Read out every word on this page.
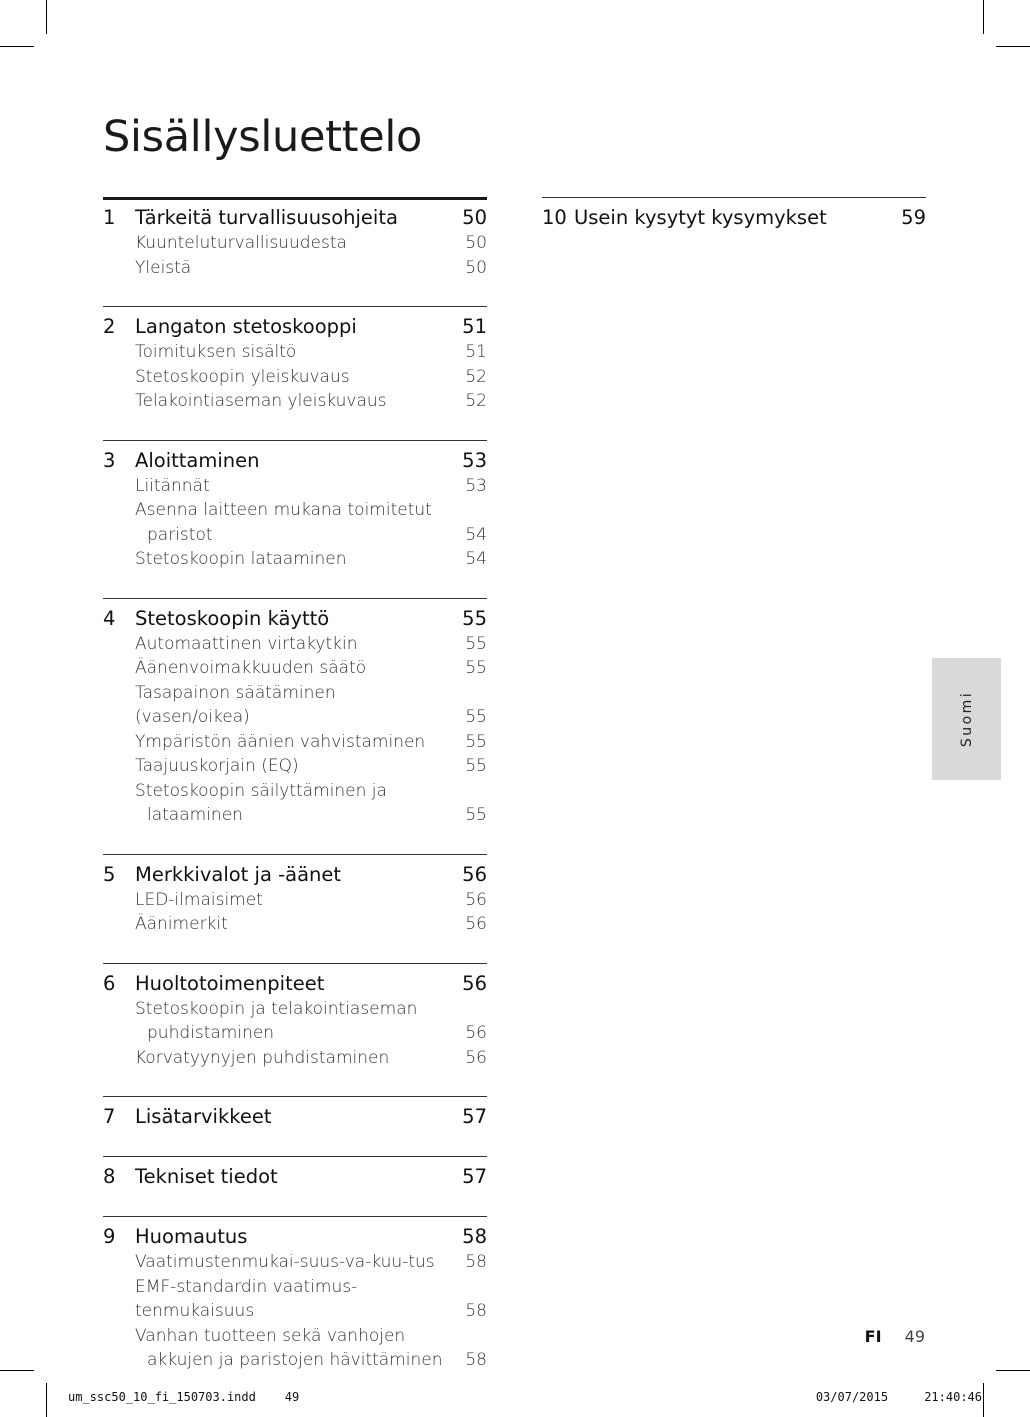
Sisällysluettelo
1	Tärkeitä turvallisuusohjeita	50
Kuunteluturvallisuudesta	50
Yleistä	50
2	Langaton stetoskooppi	51
Toimituksen sisältö	51
Stetoskoopin yleiskuvaus	52
Telakointiaseman yleiskuvaus	52
3	Aloittaminen	53
Liitännät	53
Asenna laitteen mukana toimitetut
paristot	54
Stetoskoopin lataaminen	54
4	Stetoskoopin käyttö	55
Automaattinen virtakytkin	55
Äänenvoimakkuuden säätö	55
Tasapainon säätäminen (vasen/oikea)	55
Ympäristön äänien vahvistaminen	55
Taajuuskorjain (EQ)	55
Stetoskoopin säilyttäminen ja
lataaminen	55
5	Merkkivalot ja -äänet	56
LED-ilmaisimet	56
Äänimerkit	56
6	Huoltotoimenpiteet	56
Stetoskoopin ja telakointiaseman
puhdistaminen	56
Korvatyynyjen puhdistaminen	56
7	Lisätarvikkeet	57
8	Tekniset tiedot	57
9	Huomautus	58
Vaatimustenmukai-suus-va-kuu-tus	58
EMF-standardin vaatimus-tenmukaisuus	58
Vanhan tuotteen sekä vanhojen
akkujen ja paristojen hävittäminen	58
10 Usein kysytyt kysymykset	59
Suomi
FI 49
um_ssc50_10_fi_150703.indd 49	03/07/2015	21:40:46
